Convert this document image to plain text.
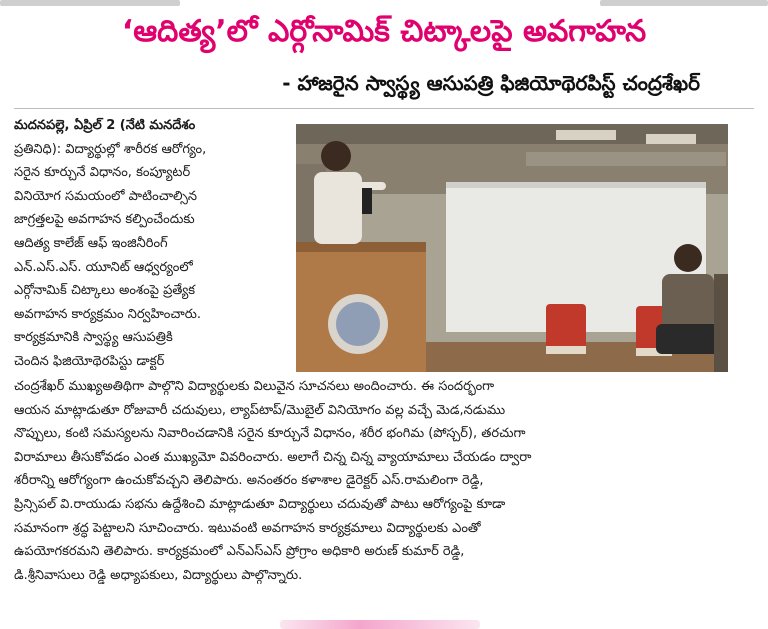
‘ఆదిత్య’లో ఎర్గోనామిక్ చిట్కాలపై అవగాహన
- హాజరైన స్వాస్థ్య ఆసుపత్రి ఫిజియోథెరపిస్ట్ చంద్రశేఖర్
మదనపల్లె, ఏప్రిల్ 2 (నేటి మనదేశం
ప్రతినిధి): విద్యార్థుల్లో శారీరక ఆరోగ్యం,
సరైన కూర్చునే విధానం, కంప్యూటర్
వినియోగ సమయంలో పాటించాల్సిన
జాగ్రత్తలపై అవగాహన కల్పించేందుకు
ఆదిత్య కాలేజ్ ఆఫ్ ఇంజినీరింగ్
ఎన్.ఎస్.ఎస్. యూనిట్ ఆధ్వర్యంలో
ఎర్గోనామిక్ చిట్కాలు అంశంపై ప్రత్యేక
అవగాహన కార్యక్రమం నిర్వహించారు.
కార్యక్రమానికి స్వాస్థ్య ఆసుపత్రికి
చెందిన ఫిజియోథెరపిస్టు డాక్టర్
చంద్రశేఖర్ ముఖ్యఅతిథిగా పాల్గొని విద్యార్థులకు విలువైన సూచనలు అందించారు. ఈ సందర్భంగా
ఆయన మాట్లాడుతూ రోజువారీ చదువులు, ల్యాప్‌టాప్/మొబైల్ వినియోగం వల్ల వచ్చే మెడ,నడుము
నొప్పులు, కంటి సమస్యలను నివారించడానికి సరైన కూర్చునే విధానం, శరీర భంగిమ (పోస్చర్), తరచుగా
విరామాలు తీసుకోవడం ఎంత ముఖ్యమో వివరించారు. అలాగే చిన్న చిన్న వ్యాయామాలు చేయడం ద్వారా
శరీరాన్ని ఆరోగ్యంగా ఉంచుకోవచ్చని తెలిపారు. అనంతరం కళాశాల డైరెక్టర్ ఎస్.రామలింగా రెడ్డి,
ప్రిన్సిపల్ వి.రాయుడు సభను ఉద్దేశించి మాట్లాడుతూ విద్యార్థులు చదువుతో పాటు ఆరోగ్యంపై కూడా
సమానంగా శ్రద్ధ పెట్టాలని సూచించారు. ఇటువంటి అవగాహన కార్యక్రమాలు విద్యార్థులకు ఎంతో
ఉపయోగకరమని తెలిపారు. కార్యక్రమంలో ఎన్ఎస్ఎస్ ప్రోగ్రాం అధికారి అరుణ్ కుమార్ రెడ్డి,
డి.శ్రీనివాసులు రెడ్డి అధ్యాపకులు, విద్యార్థులు పాల్గొన్నారు.
